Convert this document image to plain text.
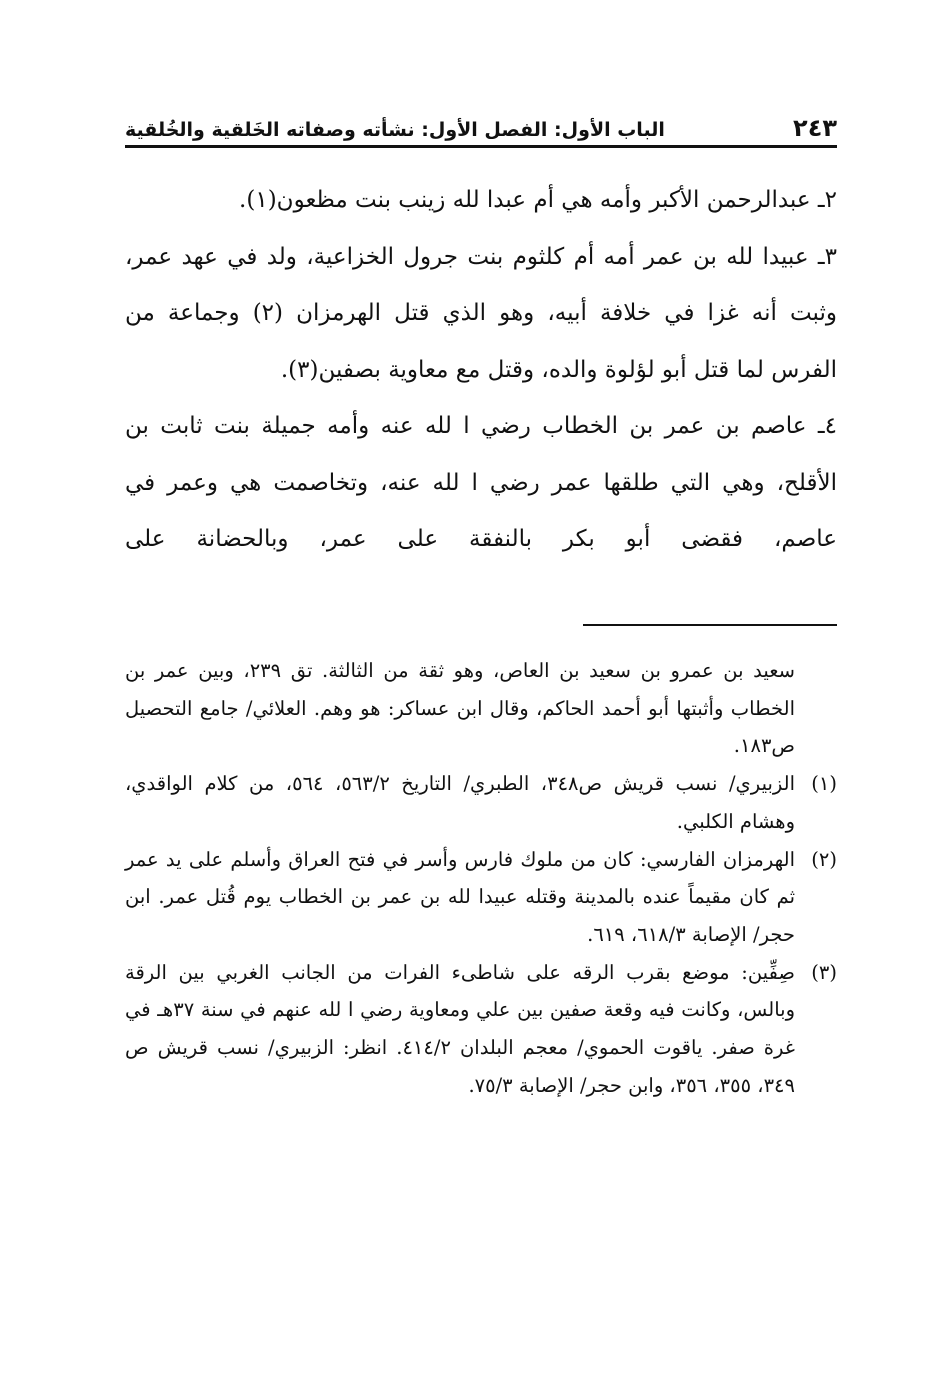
٢٤٣
الباب الأول: الفصل الأول: نشأته وصفاته الخَلقية والخُلقية

٢ـ عبدالرحمن الأكبر وأمه هي أم عبدا لله زينب بنت مظعون(١).

٣ـ عبيدا لله بن عمر أمه أم كلثوم بنت جرول الخزاعية، ولد في عهد عمر، وثبت أنه غزا في خلافة أبيه، وهو الذي قتل الهرمزان (٢) وجماعة من الفرس لما قتل أبو لؤلوة والده، وقتل مع معاوية بصفين(٣).

٤ـ عاصم بن عمر بن الخطاب رضي ا لله عنه وأمه جميلة بنت ثابت بن الأقلح، وهي التي طلقها عمر رضي ا لله عنه، وتخاصمت هي وعمر في عاصم، فقضى أبو بكر بالنفقة على عمر، وبالحضانة على

سعيد بن عمرو بن سعيد بن العاص، وهو ثقة من الثالثة. تق ٢٣٩، وبين عمر بن الخطاب وأثبتها أبو أحمد الحاكم، وقال ابن عساكر: هو وهم. العلائي/ جامع التحصيل ص١٨٣.

(١)
الزبيري/ نسب قريش ص٣٤٨، الطبري/ التاريخ ٥٦٣/٢، ٥٦٤، من كلام الواقدي، وهشام الكلبي.
(٢)
الهرمزان الفارسي: كان من ملوك فارس وأسر في فتح العراق وأسلم على يد عمر ثم كان مقيماً عنده بالمدينة وقتله عبيدا لله بن عمر بن الخطاب يوم قُتل عمر. ابن حجر/ الإصابة ٦١٨/٣، ٦١٩.
(٣)
صِفِّين: موضع بقرب الرقه على شاطىء الفرات من الجانب الغربي بين الرقة وبالس، وكانت فيه وقعة صفين بين علي ومعاوية رضي ا لله عنهم في سنة ٣٧هـ في غرة صفر. ياقوت الحموي/ معجم البلدان ٤١٤/٢. انظر: الزبيري/ نسب قريش ص ٣٤٩، ٣٥٥، ٣٥٦، وابن حجر/ الإصابة ٧٥/٣.
